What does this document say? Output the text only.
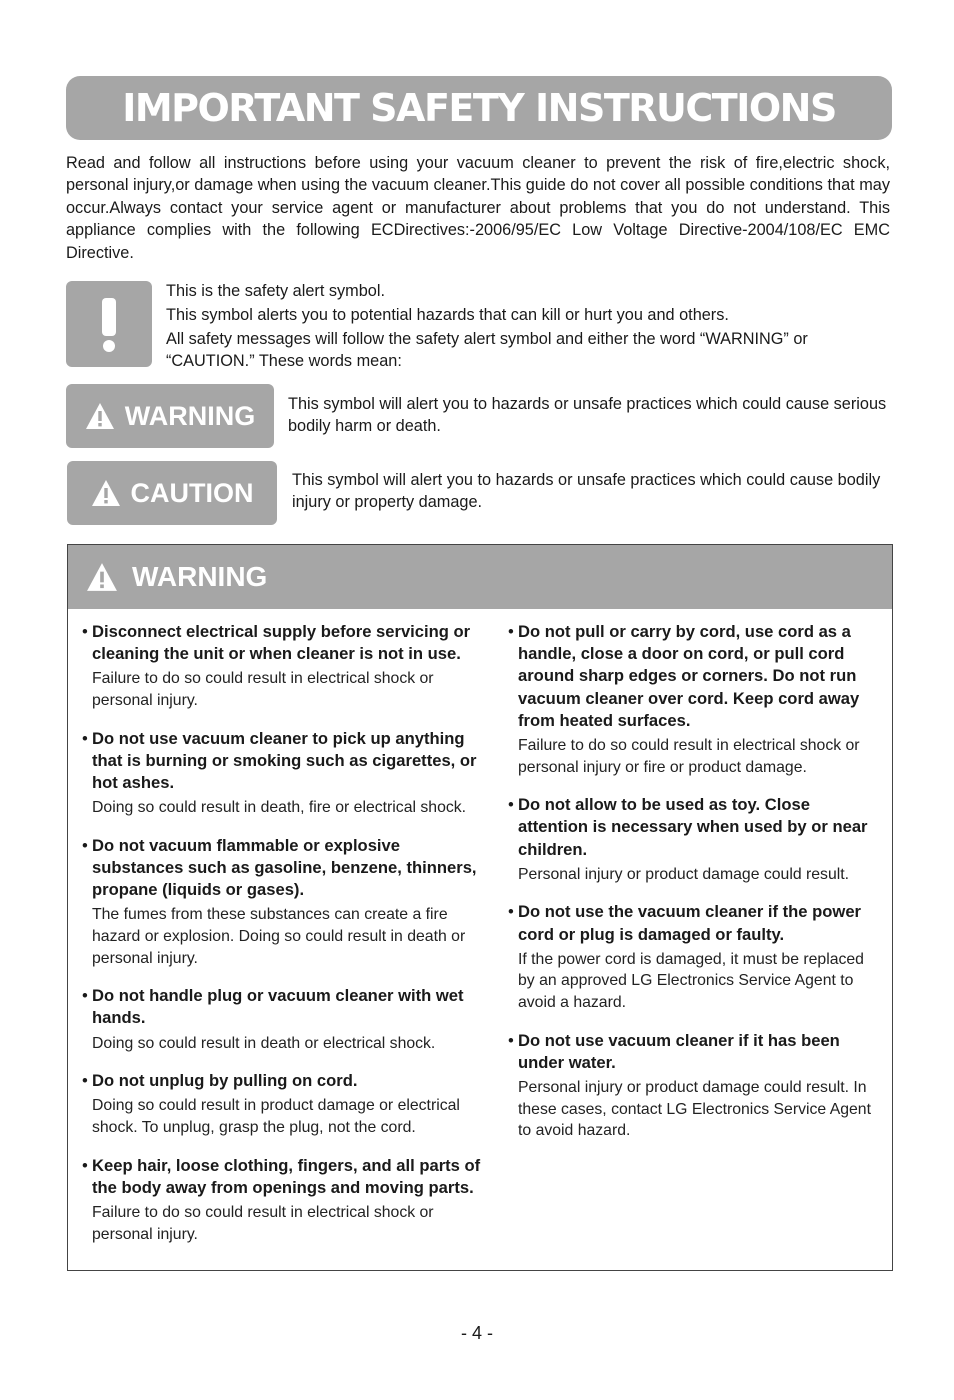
IMPORTANT SAFETY INSTRUCTIONS

Read and follow all instructions before using your vacuum cleaner to prevent the risk of fire,electric shock, personal injury,or damage when using the vacuum cleaner.This guide do not cover all possible conditions that may occur.Always contact your service agent or manufacturer about problems that you do not understand. This appliance complies with the following ECDirectives:-2006/95/EC Low Voltage Directive-2004/108/EC EMC Directive.

This is the safety alert symbol.

This symbol alerts you to potential hazards that can kill or hurt you and others.

All safety messages will follow the safety alert symbol and either the word “WARNING” or “CAUTION.” These words mean:

WARNING This symbol will alert you to hazards or unsafe practices which could cause serious bodily harm or death.

CAUTION This symbol will alert you to hazards or unsafe practices which could cause bodily injury or property damage.

WARNING

• Disconnect electrical supply before servicing or cleaning the unit or when cleaner is not in use.

Failure to do so could result in electrical shock or personal injury.

• Do not use vacuum cleaner to pick up anything that is burning or smoking such as cigarettes, or hot ashes.

Doing so could result in death, fire or electrical shock.

• Do not vacuum flammable or explosive substances such as gasoline, benzene, thinners, propane (liquids or gases).

The fumes from these substances can create a fire hazard or explosion. Doing so could result in death or personal injury.

• Do not handle plug or vacuum cleaner with wet hands.

Doing so could result in death or electrical shock.

• Do not unplug by pulling on cord.

Doing so could result in product damage or electrical shock. To unplug, grasp the plug, not the cord.

• Keep hair, loose clothing, fingers, and all parts of the body away from openings and moving parts.

Failure to do so could result in electrical shock or personal injury.

• Do not pull or carry by cord, use cord as a handle, close a door on cord, or pull cord around sharp edges or corners. Do not run vacuum cleaner over cord. Keep cord away from heated surfaces.

Failure to do so could result in electrical shock or personal injury or fire or product damage.

• Do not allow to be used as toy. Close attention is necessary when used by or near children.

Personal injury or product damage could result.

• Do not use the vacuum cleaner if the power cord or plug is damaged or faulty.

If the power cord is damaged, it must be replaced by an approved LG Electronics Service Agent to avoid a hazard.

• Do not use vacuum cleaner if it has been under water.

Personal injury or product damage could result. In these cases, contact LG Electronics Service Agent to avoid hazard.

- 4 -
